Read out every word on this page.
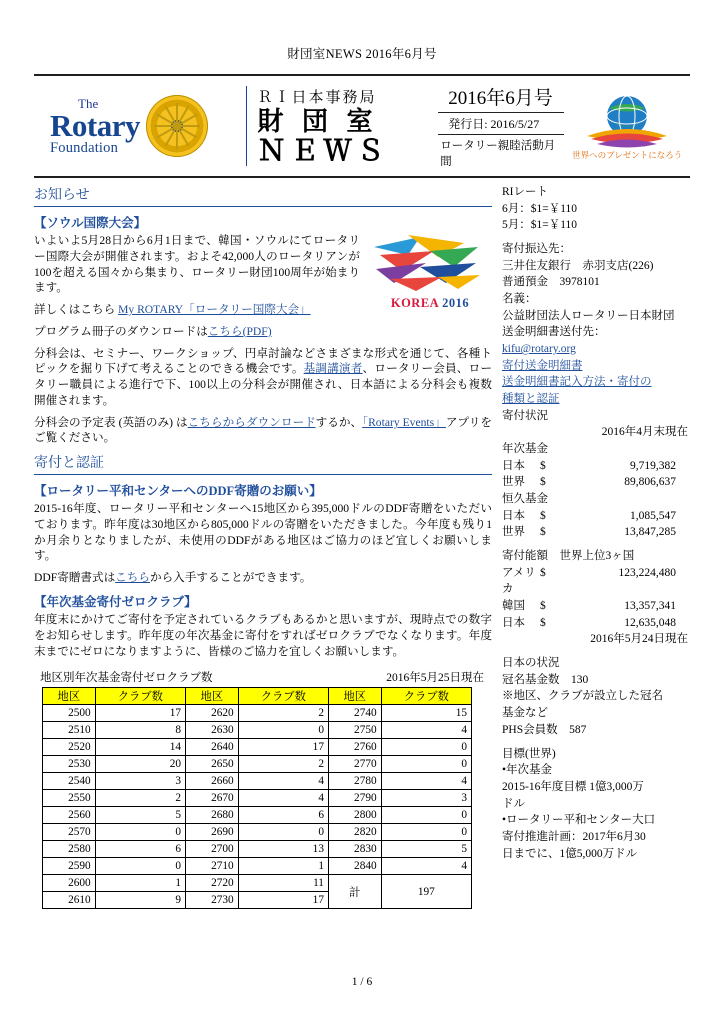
財団室NEWS 2016年6月号
The
Rotary
Foundation
ＲＩ日本事務局
財 団 室
ＮＥＷＳ
2016年6月号
発行日: 2016/5/27
ロータリー親睦活動月間
世界へのプレゼントになろう
お知らせ
【ソウル国際大会】
KOREA 2016

いよいよ5月28日から6月1日まで、韓国・ソウルにてロータリー国際大会が開催されます。およそ42,000人のロータリアンが100を超える国々から集まり、ロータリー財団100周年が始まります。

詳しくはこちら My ROTARY「ロータリー国際大会」

プログラム冊子のダウンロードはこちら(PDF)

分科会は、セミナー、ワークショップ、円卓討論などさまざまな形式を通じて、各種トピックを掘り下げて考えることのできる機会です。基調講演者、ロータリー会員、ロータリー職員による進行で下、100以上の分科会が開催され、日本語による分科会も複数開催されます。

分科会の予定表 (英語のみ) はこちらからダウンロードするか、「Rotary Events」アプリをご覧ください。

寄付と認証
【ロータリー平和センターへのDDF寄贈のお願い】

2015-16年度、ロータリー平和センターへ15地区から395,000ドルのDDF寄贈をいただいております。昨年度は30地区から805,000ドルの寄贈をいただきました。今年度も残り1か月余りとなりましたが、未使用のDDFがある地区はご協力のほど宜しくお願いします。

DDF寄贈書式はこちらから入手することができます。

【年次基金寄付ゼロクラブ】

年度末にかけてご寄付を予定されているクラブもあるかと思いますが、現時点での数字をお知らせします。昨年度の年次基金に寄付をすればゼロクラブでなくなります。年度末までにゼロになりますように、皆様のご協力を宜しくお願いします。

地区別年次基金寄付ゼロクラブ数	2016年5月25日現在
地区	クラブ数	地区	クラブ数	地区	クラブ数
2500	17	2620	2	2740	15
2510	8	2630	0	2750	4
2520	14	2640	17	2760	0
2530	20	2650	2	2770	0
2540	3	2660	4	2780	4
2550	2	2670	4	2790	3
2560	5	2680	6	2800	0
2570	0	2690	0	2820	0
2580	6	2700	13	2830	5
2590	0	2710	1	2840	4
2600	1	2720	11	計	197
2610	9	2730	17		
RIレート
6月：$1=￥110
5月：$1=￥110
寄付振込先：
三井住友銀行　赤羽支店(226)
普通預金　3978101
名義：
公益財団法人ロータリー日本財団
送金明細書送付先：
kifu@rotary.org
寄付送金明細書
送金明細書記入方法・寄付の
種類と認証
寄付状況
2016年4月末現在
年次基金
日本	$	9,719,382
世界	$	89,806,637
恒久基金
日本	$	1,085,547
世界	$	13,847,285
寄付能額　世界上位3ヶ国
アメリカ
$	123,224,480
韓国	$	13,357,341
日本	$	12,635,048
2016年5月24日現在
日本の状況
冠名基金数　130
※地区、クラブが設立した冠名
基金など
PHS会員数　587
目標(世界)
•年次基金
2015-16年度目標 1億3,000万
ドル
•ロータリー平和センター大口
寄付推進計画：2017年6月30
日までに、1億5,000万ドル
1 / 6
